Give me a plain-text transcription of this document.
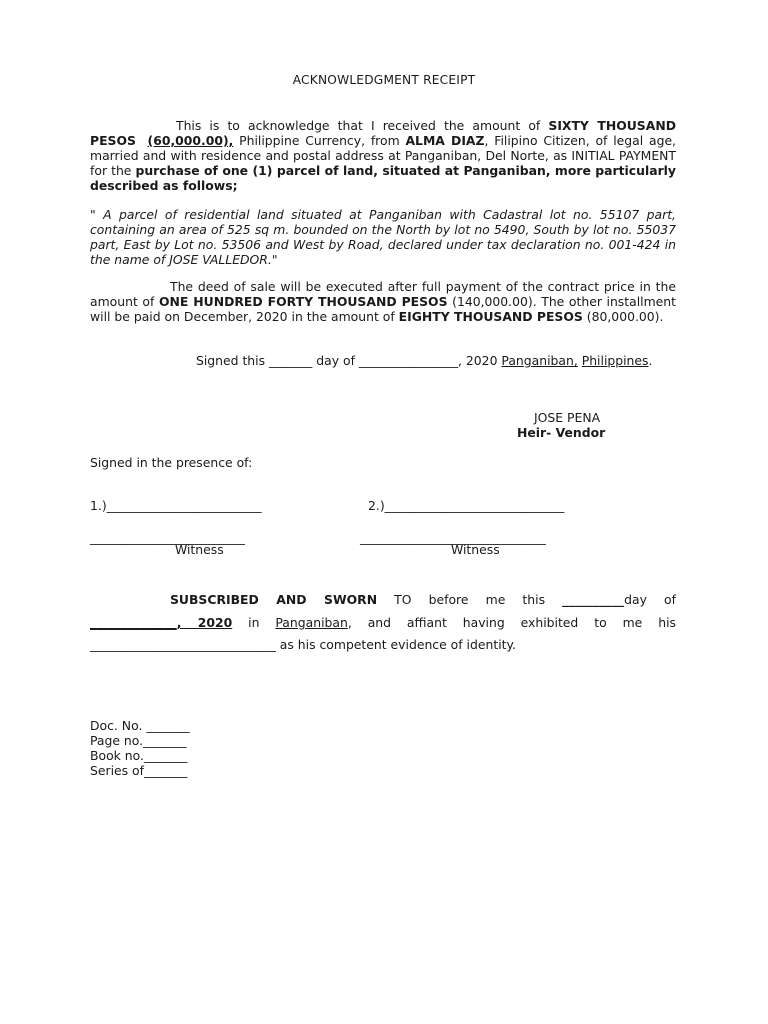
ACKNOWLEDGMENT RECEIPT
This is to acknowledge that I received the amount of SIXTY THOUSAND PESOS (60,000.00), Philippine Currency, from ALMA DIAZ, Filipino Citizen, of legal age, married and with residence and postal address at Panganiban, Del Norte, as INITIAL PAYMENT for the purchase of one (1) parcel of land, situated at Panganiban, more particularly described as follows;
" A parcel of residential land situated at Panganiban with Cadastral lot no. 55107 part, containing an area of 525 sq m. bounded on the North by lot no 5490, South by lot no. 55037 part, East by Lot no. 53506 and West by Road, declared under tax declaration no. 001-424 in the name of JOSE VALLEDOR."
The deed of sale will be executed after full payment of the contract price in the amount of ONE HUNDRED FORTY THOUSAND PESOS (140,000.00). The other installment will be paid on December, 2020 in the amount of EIGHTY THOUSAND PESOS (80,000.00).
Signed this _______ day of ________________, 2020 Panganiban, Philippines.
JOSE PENA
Heir- Vendor
Signed in the presence of:
1.)_________________________	2.)_____________________________
_________________________	______________________________
Witness	Witness
SUBSCRIBED AND SWORN TO before me this __________day of
______________, 2020 in Panganiban, and affiant having exhibited to me his
______________________________ as his competent evidence of identity.
Doc. No. _______
Page no._______
Book no._______
Series of_______
